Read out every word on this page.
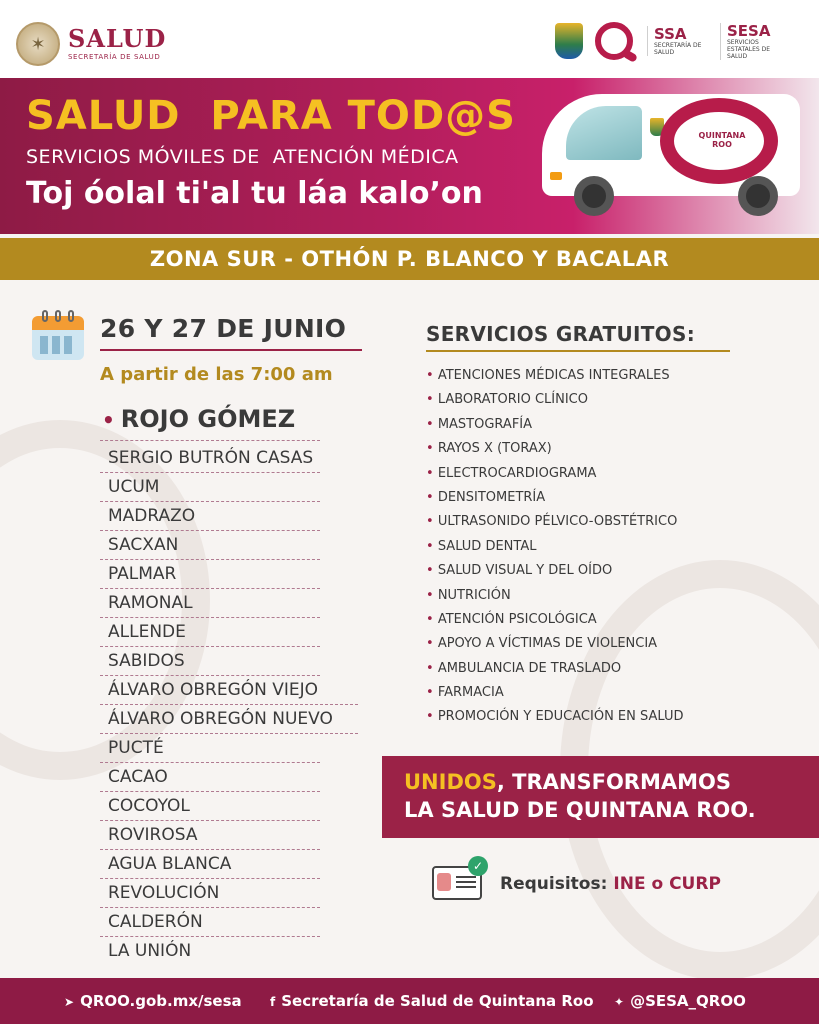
✶ SALUD
SECRETARÍA DE SALUD
SSA
SECRETARÍA DE SALUD
SESA
SERVICIOS ESTATALES DE SALUD
SALUD  PARA TOD@S
SERVICIOS MÓVILES DE  ATENCIÓN MÉDICA
Toj óolal ti'al tu láa kalo’on
QUINTANA ROO
ZONA SUR - OTHÓN P. BLANCO Y BACALAR
26 Y 27 DE JUNIO
A partir de las 7:00 am
• ROJO GÓMEZ
SERGIO BUTRÓN CASAS
UCUM
MADRAZO
SACXAN
PALMAR
RAMONAL
ALLENDE
SABIDOS
ÁLVARO OBREGÓN VIEJO
ÁLVARO OBREGÓN NUEVO
PUCTÉ
CACAO
COCOYOL
ROVIROSA
AGUA BLANCA
REVOLUCIÓN
CALDERÓN
LA UNIÓN
SERVICIOS GRATUITOS:
• ATENCIONES MÉDICAS INTEGRALES
• LABORATORIO CLÍNICO
• MASTOGRAFÍA
• RAYOS X (TORAX)
• ELECTROCARDIOGRAMA
• DENSITOMETRÍA
• ULTRASONIDO PÉLVICO-OBSTÉTRICO
• SALUD DENTAL
• SALUD VISUAL Y DEL OÍDO
• NUTRICIÓN
• ATENCIÓN PSICOLÓGICA
• APOYO A VÍCTIMAS DE VIOLENCIA
• AMBULANCIA DE TRASLADO
• FARMACIA
• PROMOCIÓN Y EDUCACIÓN EN SALUD
UNIDOS, TRANSFORMAMOS
LA SALUD DE QUINTANA ROO.
✓
Requisitos: INE o CURP
➤ QROO.gob.mx/sesa f Secretaría de Salud de Quintana Roo ✦ @SESA_QROO
